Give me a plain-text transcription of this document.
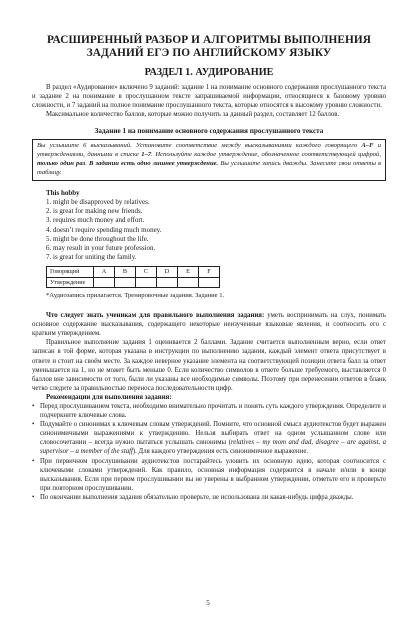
РАСШИРЕННЫЙ РАЗБОР И АЛГОРИТМЫ ВЫПОЛНЕНИЯ ЗАДАНИЙ ЕГЭ ПО АНГЛИЙСКОМУ ЯЗЫКУ
РАЗДЕЛ 1. АУДИРОВАНИЕ

В раздел «Аудирование» включено 9 заданий: задание 1 на понимание основного содержания прослушанного текста и задание 2 на понимание в прослушанном тексте запрашиваемой информации, относящиеся к базовому уровню сложности, и 7 заданий на полное понимание прослушанного текста, которые относятся к высокому уровню сложности.

Максимальное количество баллов, которые можно получить за данный раздел, составляет 12 баллов.

Задание 1 на понимание основного содержания прослушанного текста
Вы услышите 6 высказываний. Установите соответствие между высказываниями каждого говорящего А–F и утверждениями, данными в списке 1–7. Используйте каждое утверждение, обозначенное соответствующей цифрой, только один раз. В задании есть одно лишнее утверждение. Вы услышите запись дважды. Занесите свои ответы в таблицу.
This hobby
1. might be disapproved by relatives.
2. is great for making new friends.
3. requires much money and effort.
4. doesn’t require spending much money.
5. might be done throughout the life.
6. may result in your future profession.
7. is great for uniting the family.
Говорящий	A	B	C	D	E	F
Утверждение						
*Аудиозапись прилагается. Тренировочные задания. Задание 1.

Что следует знать ученикам для правильного выполнения задания: уметь воспринимать на слух, понимать основное содержание высказывания, содержащего некоторые неизученные языковые явления, и соотносить его с кратким утверждением.

Правильное выполнение задания 1 оценивается 2 баллами. Задание считается выполненным верно, если ответ записан в той форме, которая указана в инструкции по выполнению задания, каждый элемент ответа присутствует в ответе и стоит на своём месте. За каждое неверное указание элемента на соответствующей позиции ответа балл за ответ уменьшается на 1, но не может быть меньше 0. Если количество символов в ответе больше требуемого, выставляется 0 баллов вне зависимости от того, были ли указаны все необходимые символы. Поэтому при перенесении ответов в бланк четко следите за правильностью переноса последовательности цифр.

Рекомендации для выполнения задания:

• Перед прослушиванием текста, необходимо внимательно прочитать и понять суть каждого утверждения. Определите и подчеркните ключевые слова.
• Подумайте о синонимах к ключевым словам утверждений. Помните, что основной смысл аудиотекстов будет выражен синонимичными выражениями к утверждению. Нельзя выбирать ответ на одном услышанном слове или словосочетании – всегда нужно пытаться услышать синонимы (relatives – my mom and dad, disagree – are against, a supervisor – a member of the staff). Для каждого утверждения есть синонимичное выражение.
• При первичном прослушивании аудиотекстов постарайтесь уловить их основную идею, которая соотносится с ключевыми словами утверждений. Как правило, основная информация содержится в начале и/или в конце высказывания. Если при первом прослушивании вы не уверены в выбранном утверждении, отметьте его и проверьте при повторном прослушивании.
• По окончании выполнения задания обязательно проверьте, не использована ли какая-нибудь цифра дважды.
5
